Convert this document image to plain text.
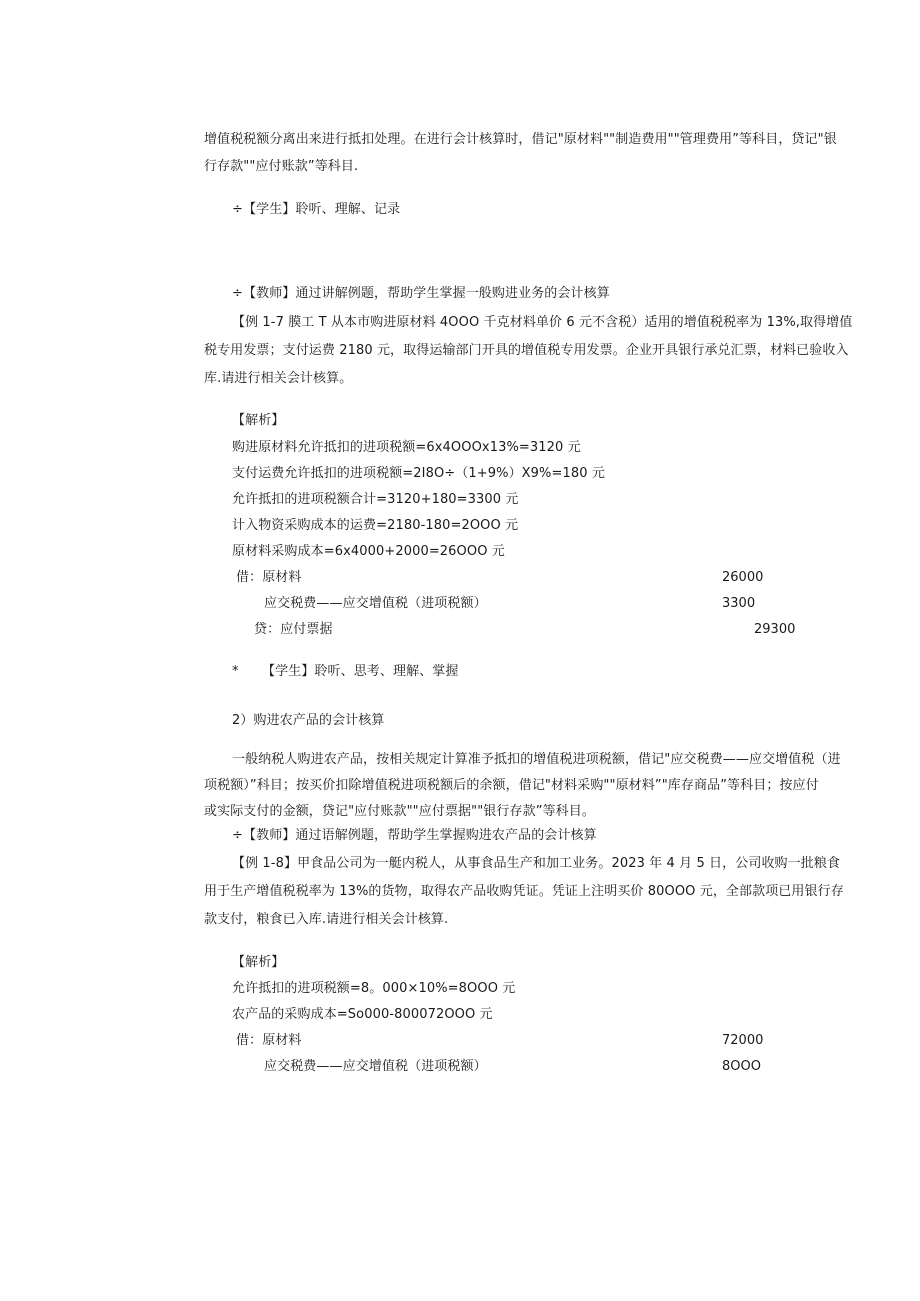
增值税税额分离出来进行抵扣处理。在进行会计核算时，借记"原材料""制造费用""管理费用”等科目，贷记"银
行存款""应付账款”等科目.
÷【学生】聆听、理解、记录
÷【教师】通过讲解例题，帮助学生掌握一般购进业务的会计核算
【例 1-7 膜工 T 从本市购进原材料 4OOO 千克材料单价 6 元不含税）适用的增值税税率为 13%,取得增值
税专用发票；支付运费 2180 元，取得运输部门开具的增值税专用发票。企业开具银行承兑汇票，材料已验收入
库.请进行相关会计核算。
【解析】
购进原材料允许抵扣的进项税额=6x4OOOx13%=3120 元
支付运费允许抵扣的进项税额=2I8O÷（1+9%）X9%=180 元
允许抵扣的进项税额合计=3120+180=3300 元
计入物资采购成本的运费=2180-180=2OOO 元
原材料采购成本=6x4000+2000=26OOO 元
借：原材料	26000
应交税费——应交增值税（进项税额）	3300
贷：应付票据	29300
* 【学生】聆听、思考、理解、掌握
2）购进农产品的会计核算
一般纳税人购进农产品，按相关规定计算准予抵扣的增值税进项税额，借记"应交税费——应交增值税（进
项税额）”科目；按买价扣除增值税进项税额后的余额，借记"材料采购""原材料”"库存商品”等科目；按应付
或实际支付的金额，贷记"应付账款""应付票据""银行存款”等科目。
÷【教师】通过语解例题，帮助学生掌握购进农产品的会计核算
【例 1-8】甲食品公司为一艇内税人，从事食品生产和加工业务。2023 年 4 月 5 日，公司收购一批粮食
用于生产增值税税率为 13%的货物，取得农产品收购凭证。凭证上注明买价 80OOO 元，全部款项已用银行存
款支付，粮食已入库.请进行相关会计核算.
【解析】
允许抵扣的进项税额=8。000×10%=8OOO 元
农产品的采购成本=So000-800072OOO 元
借：原材料	72000
应交税费——应交增值税（进项税额）	8OOO
